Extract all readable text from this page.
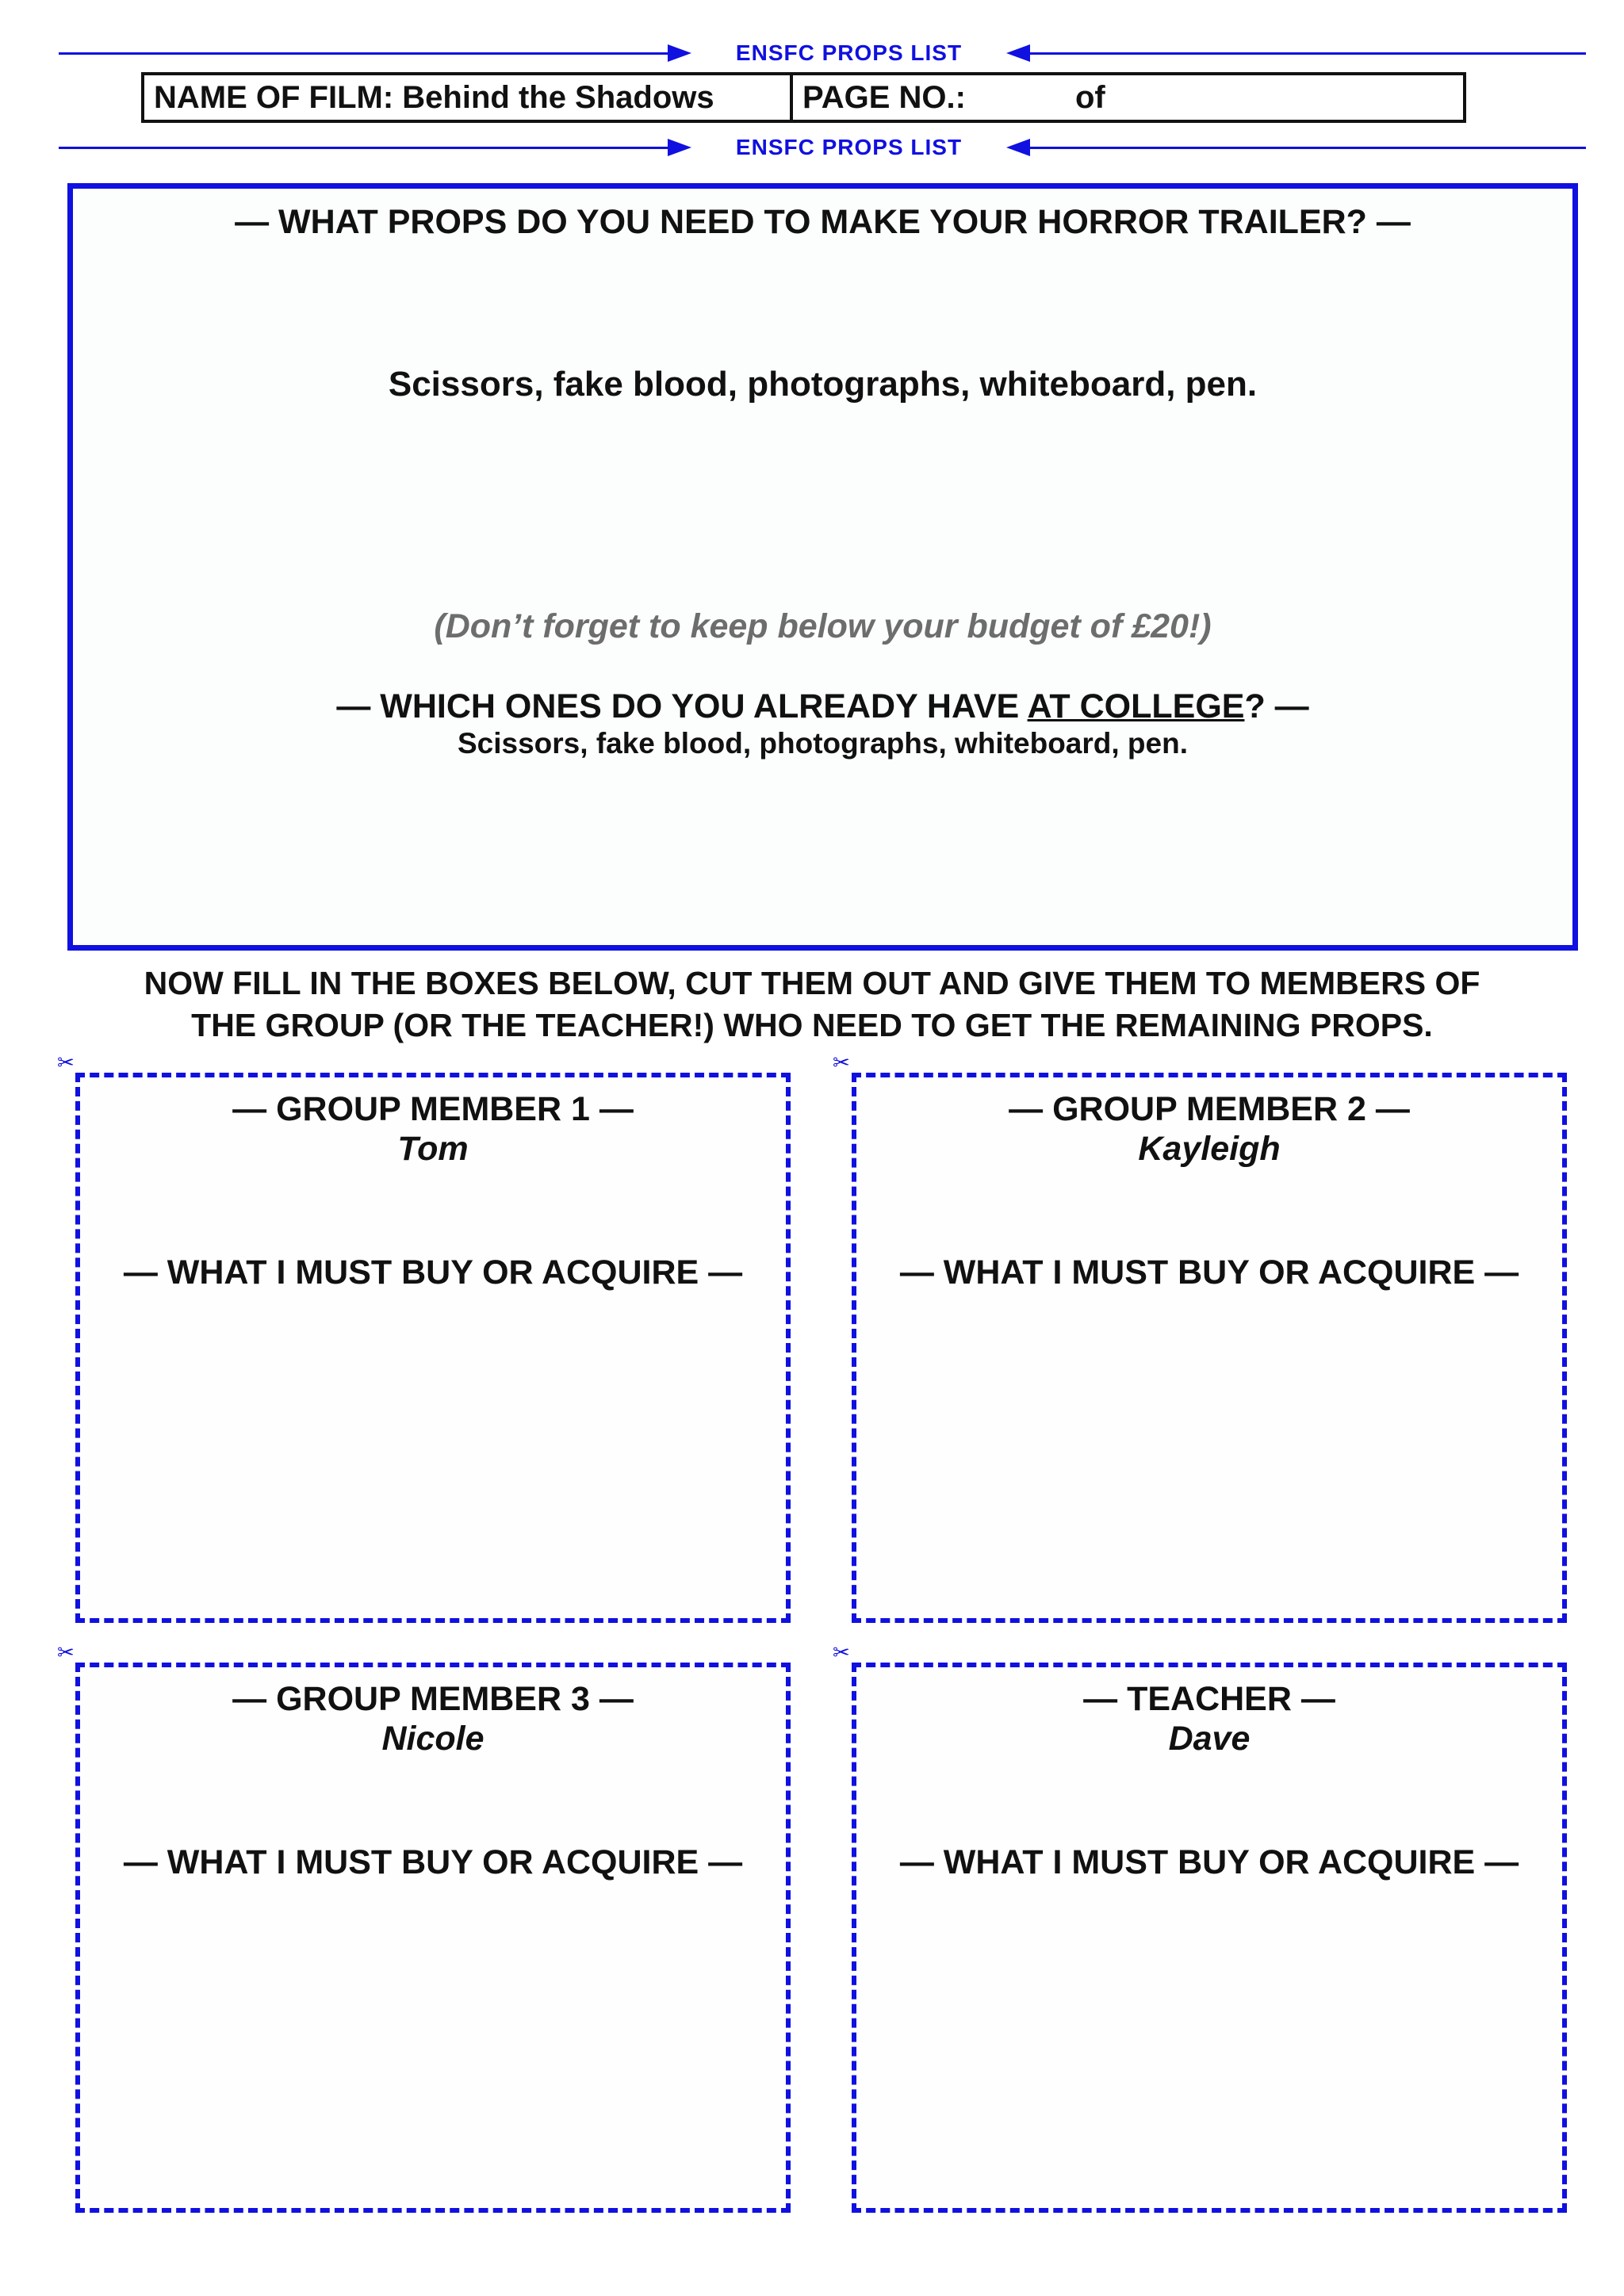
ENSFC PROPS LIST
NAME OF FILM: Behind the Shadows	PAGE NO.:	of
ENSFC PROPS LIST
— WHAT PROPS DO YOU NEED TO MAKE YOUR HORROR TRAILER? —
Scissors, fake blood, photographs, whiteboard, pen.
(Don’t forget to keep below your budget of £20!)
— WHICH ONES DO YOU ALREADY HAVE AT COLLEGE? —
Scissors, fake blood, photographs, whiteboard, pen.
NOW FILL IN THE BOXES BELOW, CUT THEM OUT AND GIVE THEM TO MEMBERS OF
THE GROUP (OR THE TEACHER!) WHO NEED TO GET THE REMAINING PROPS.
✂	✂
✂	✂
— GROUP MEMBER 1 —
Tom
— WHAT I MUST BUY OR ACQUIRE —
— GROUP MEMBER 2 —
Kayleigh
— WHAT I MUST BUY OR ACQUIRE —
— GROUP MEMBER 3 —
Nicole
— WHAT I MUST BUY OR ACQUIRE —
— TEACHER —
Dave
— WHAT I MUST BUY OR ACQUIRE —
